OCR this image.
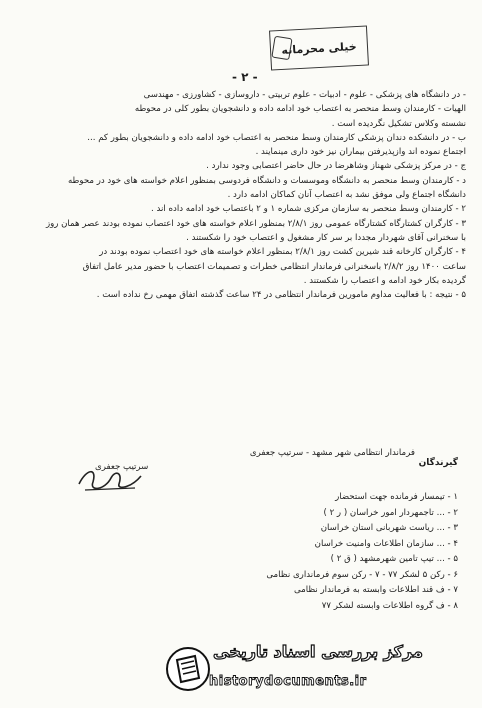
خیلی محرمانه
- ۲ -
- در دانشگاه های پزشکی - علوم - ادبیات - علوم تربیتی - داروسازی - کشاورزی - مهندسی
الهیات - کارمندان وسط منحصر به اعتصاب خود ادامه داده و دانشجویان بطور کلی در محوطه
نشسته وکلاس تشکیل نگردیده است .
ب - در دانشکده دندان پزشکی کارمندان وسط منحصر به اعتصاب خود ادامه داده و دانشجویان بطور کم ...
اجتماع نموده اند وازپذیرفتن بیماران نیز خود داری مینمایند .
ج - در مرکز پزشکی شهناز وشاهرضا در حال حاضر اعتصابی وجود ندارد .
د - کارمندان وسط منحصر به دانشگاه وموسسات و دانشگاه فردوسی بمنظور اعلام خواسته های خود در محوطه
دانشگاه اجتماع ولی موفق نشد به اعتصاب آنان کماکان ادامه دارد .
۲ - کارمندان وسط منحصر به سازمان مرکزی شماره ۱ و ۲ باعتصاب خود ادامه داده اند .
۳ - کارگران کشتارگاه کشتارگاه عمومی روز ۲/۸/۱ بمنظور اعلام خواسته های خود اعتصاب نموده بودند عصر همان روز
با سخنرانی آقای شهردار مجددا بر سر کار مشغول و اعتصاب خود را شکستند .
۴ - کارگران کارخانه قند شیرین کشت روز ۲/۸/۱ بمنظور اعلام خواسته های خود اعتصاب نموده بودند در
ساعت ۱۴۰۰ روز ۲/۸/۲ باسخنرانی فرماندار انتظامی خطرات و تصمیمات اعتصاب با حضور مدیر عامل اتفاق
گردیده بکار خود ادامه و اعتصاب را شکستند .
۵ - نتیجه : با فعالیت مداوم مامورین فرماندار انتظامی در ۲۴ ساعت گذشته اتفاق مهمی رخ نداده است .
فرماندار انتظامی شهر مشهد - سرتیپ جعفری
سرتیپ جعفری	گیرندگان
۱ - تیمسار فرمانده جهت استحضار
۲ - ... تاجمهردار امور خراسان ( ر ۲ )
۳ - ... ریاست شهربانی استان خراسان
۴ - ... سازمان اطلاعات وامنیت خراسان
۵ - ... تیپ تامین شهرمشهد ( ق ۲ )
۶ - رکن ۵ لشکر ۷۷ - ۷ - رکن سوم فرمانداری نظامی
۷ - ف قند اطلاعات وابسته به فرماندار نظامی
۸ - ف گروه اطلاعات وابسته لشکر ۷۷
مرکز بررسی اسناد تاریخی
historydocuments.ir
